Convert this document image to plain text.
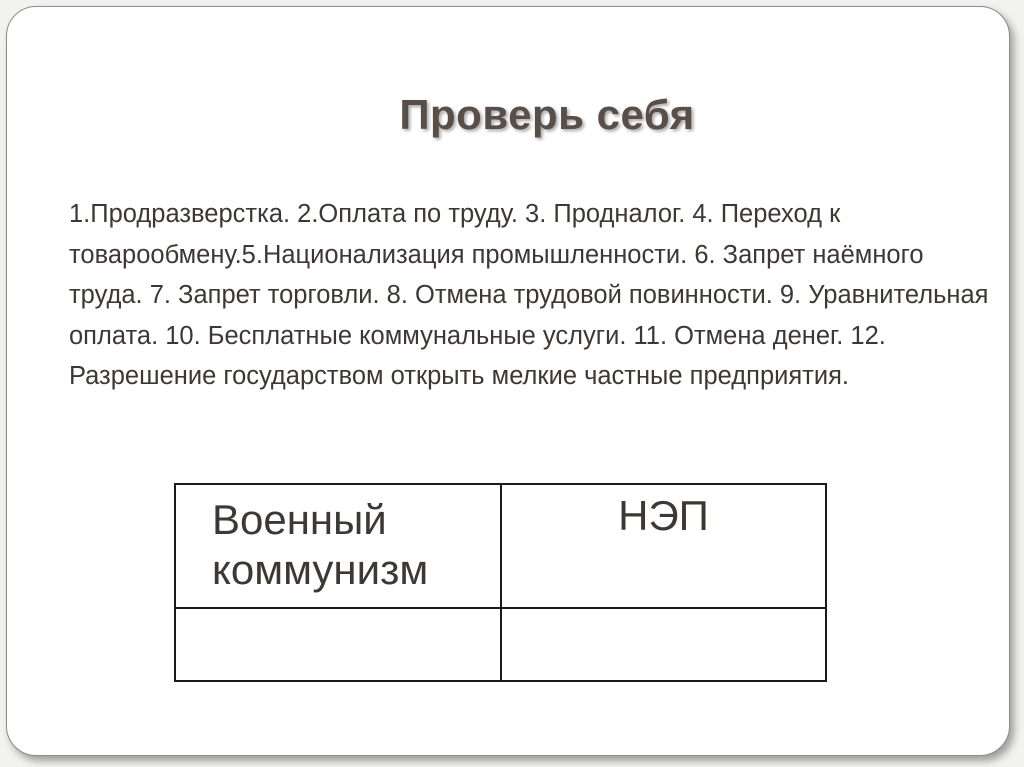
Проверь себя

1.Продразверстка. 2.Оплата по труду. 3. Продналог. 4. Переход к товарообмену.5.Национализация промышленности. 6. Запрет наёмного труда. 7. Запрет торговли. 8. Отмена трудовой повинности. 9. Уравнительная оплата. 10. Бесплатные коммунальные услуги. 11. Отмена денег. 12. Разрешение государством открыть мелкие частные предприятия.

Военный коммунизм	НЭП
